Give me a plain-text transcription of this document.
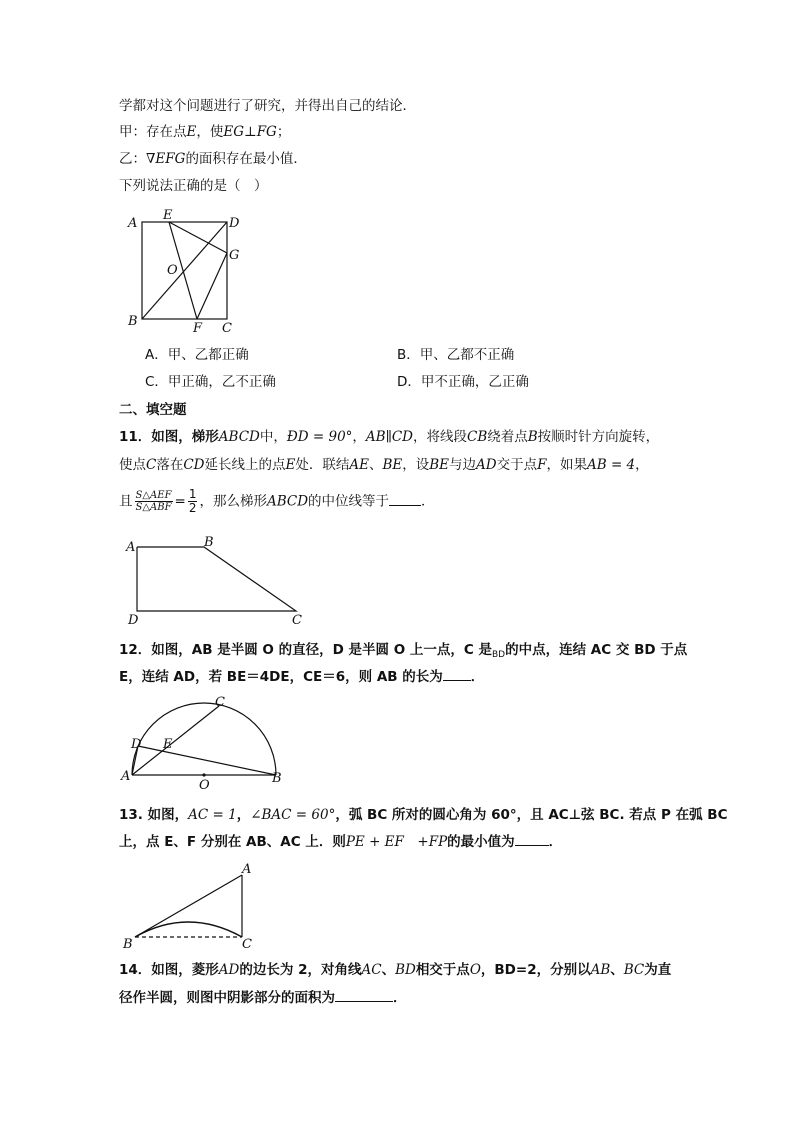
学都对这个问题进行了研究，并得出自己的结论．
甲：存在点E，使EG⊥FG；
乙：∇EFG的面积存在最小值．
下列说法正确的是（　）
A
E
D
G
O
B	F C
A．甲、乙都正确	B．甲、乙都不正确
C．甲正确，乙不正确	D．甲不正确，乙正确
二、填空题
11．如图，梯形ABCD中，ÐD = 90°，AB∥CD，将线段CB绕着点B按顺时针方向旋转，
使点C落在CD延长线上的点E处．联结AE、BE，设BE与边AD交于点F，如果AB = 4，
且 $\frac{\text{S△AEF}}{\text{S△ABF}} = \frac{1}{2}$ ，那么梯形ABCD的中位线等于 ．
A	B
D	C
12．如图，AB 是半圆 O 的直径，D 是半圆 O 上一点，C 是$_{BD}$的中点，连结 AC 交 BD 于点
E，连结 AD，若 BE＝4DE，CE＝6，则 AB 的长为 ．
C
D E
A
O	B
13. 如图，AC = 1，∠BAC = 60°，弧 BC 所对的圆心角为 60°，且 AC⊥弦 BC. 若点 P 在弧 BC
上，点 E、F 分别在 AB、AC 上．则PE + EF　+FP的最小值为	．
A
B	C
14．如图，菱形AD的边长为 2，对角线AC、BD相交于点O，BD=2，分别以AB、BC为直
径作半圆，则图中阴影部分的面积为	．
